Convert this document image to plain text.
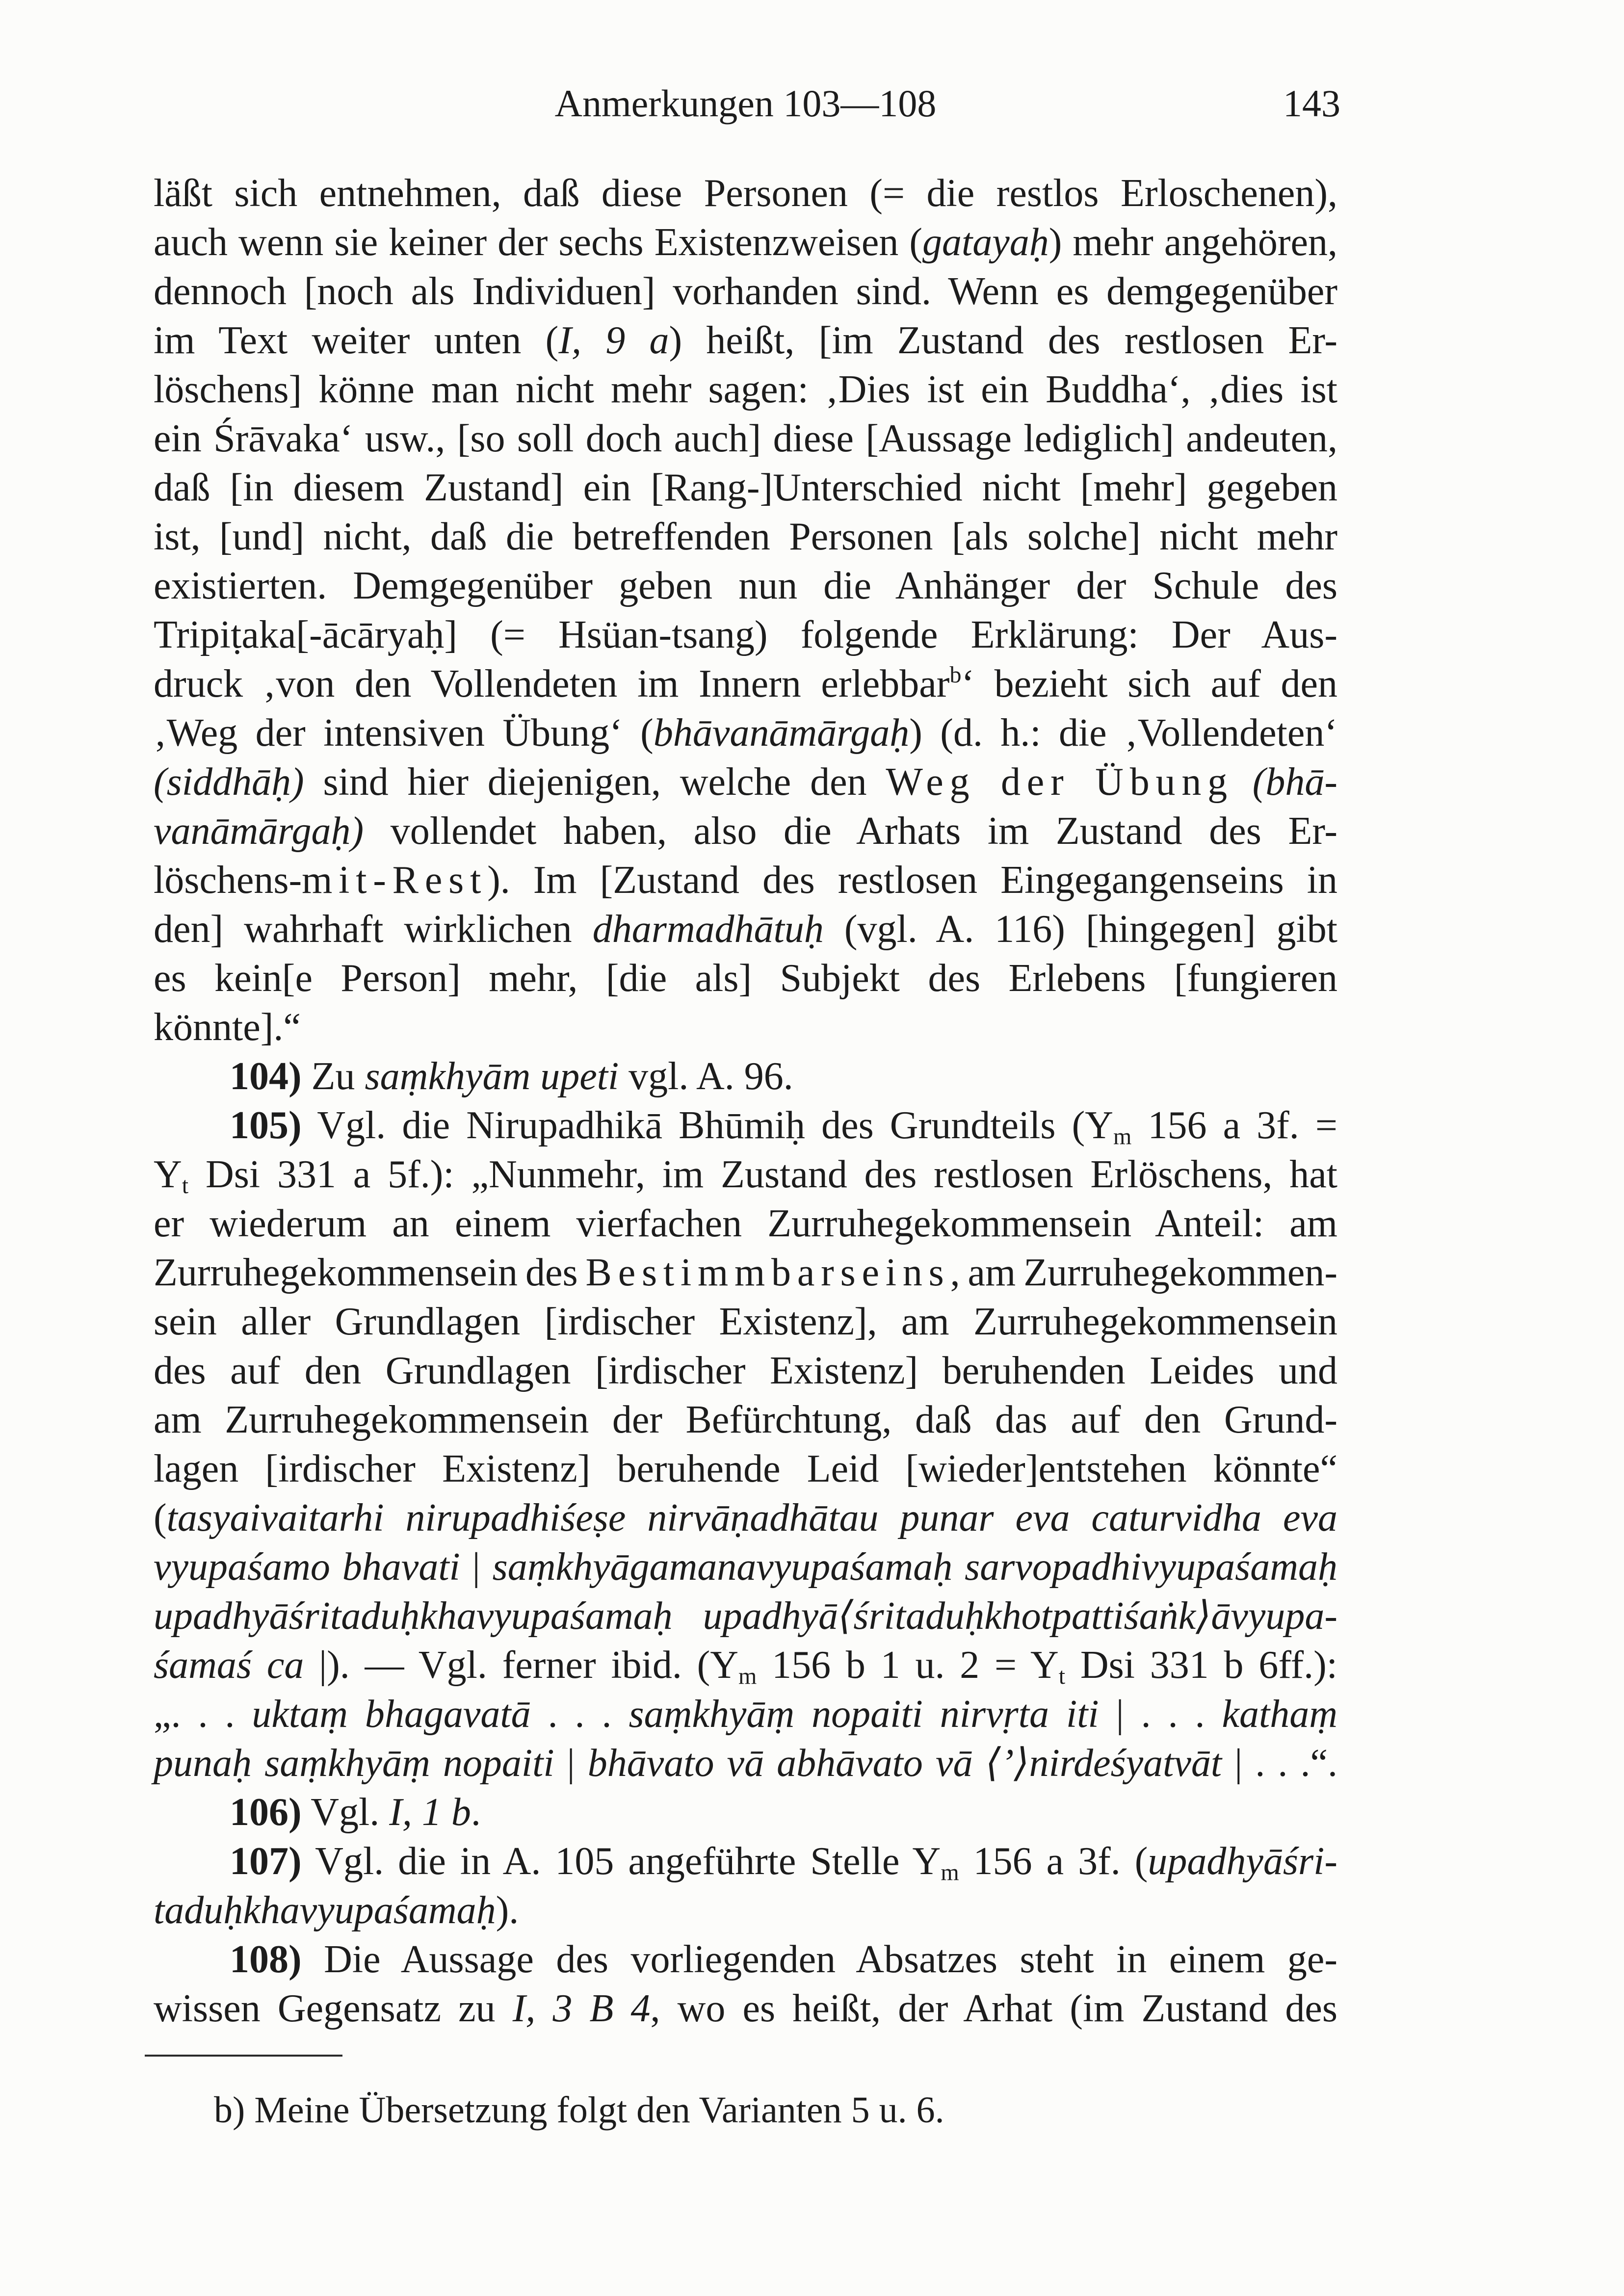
Anmerkungen 103—108	143
läßt sich entnehmen, daß diese Personen (= die restlos Erloschenen),
auch wenn sie keiner der sechs Existenzweisen (gatayaḥ) mehr angehören,
dennoch [noch als Individuen] vorhanden sind. Wenn es demgegenüber
im Text weiter unten (I, 9 a) heißt, [im Zustand des restlosen Er-
löschens] könne man nicht mehr sagen: ‚Dies ist ein Buddha‘, ‚dies ist
ein Śrāvaka‘ usw., [so soll doch auch] diese [Aussage lediglich] andeuten,
daß [in diesem Zustand] ein [Rang-]Unterschied nicht [mehr] gegeben
ist, [und] nicht, daß die betreffenden Personen [als solche] nicht mehr
existierten. Demgegenüber geben nun die Anhänger der Schule des
Tripiṭaka[-ācāryaḥ] (= Hsüan-tsang) folgende Erklärung: Der Aus-
druck ‚von den Vollendeten im Innern erlebbar$^b$‘ bezieht sich auf den
‚Weg der intensiven Übung‘ (bhāvanāmārgaḥ) (d. h.: die ‚Vollendeten‘
(siddhāḥ) sind hier diejenigen, welche den Weg der Übung (bhā-
vanāmārgaḥ) vollendet haben, also die Arhats im Zustand des Er-
löschens-mit-Rest). Im [Zustand des restlosen Eingegangenseins in
den] wahrhaft wirklichen dharmadhātuḥ (vgl. A. 116) [hingegen] gibt
es kein[e Person] mehr, [die als] Subjekt des Erlebens [fungieren
könnte].“
104) Zu saṃkhyām upeti vgl. A. 96.
105) Vgl. die Nirupadhikā Bhūmiḥ des Grundteils (Ym 156 a 3f. =
Yt Dsi 331 a 5f.): „Nunmehr, im Zustand des restlosen Erlöschens, hat
er wiederum an einem vierfachen Zurruhegekommensein Anteil: am
Zurruhegekommensein des Bestimmbarseins, am Zurruhegekommen-
sein aller Grundlagen [irdischer Existenz], am Zurruhegekommensein
des auf den Grundlagen [irdischer Existenz] beruhenden Leides und
am Zurruhegekommensein der Befürchtung, daß das auf den Grund-
lagen [irdischer Existenz] beruhende Leid [wieder]entstehen könnte“
(tasyaivaitarhi nirupadhiśeṣe nirvāṇadhātau punar eva caturvidha eva
vyupaśamo bhavati | saṃkhyāgamanavyupaśamaḥ sarvopadhivyupaśamaḥ
upadhyāśritaduḥkhavyupaśamaḥ upadhyā⟨śritaduḥkhotpattiśaṅk⟩āvyupa-
śamaś ca |). — Vgl. ferner ibid. (Ym 156 b 1 u. 2 = Yt Dsi 331 b 6ff.):
„. . . uktaṃ bhagavatā . . . saṃkhyāṃ nopaiti nirvṛta iti | . . . kathaṃ
punaḥ saṃkhyāṃ nopaiti | bhāvato vā abhāvato vā ⟨’⟩nirdeśyatvāt | . . .“.
106) Vgl. I, 1 b.
107) Vgl. die in A. 105 angeführte Stelle Ym 156 a 3f. (upadhyāśri-
taduḥkhavyupaśamaḥ).
108) Die Aussage des vorliegenden Absatzes steht in einem ge-
wissen Gegensatz zu I, 3 B 4, wo es heißt, der Arhat (im Zustand des
b) Meine Übersetzung folgt den Varianten 5 u. 6.
